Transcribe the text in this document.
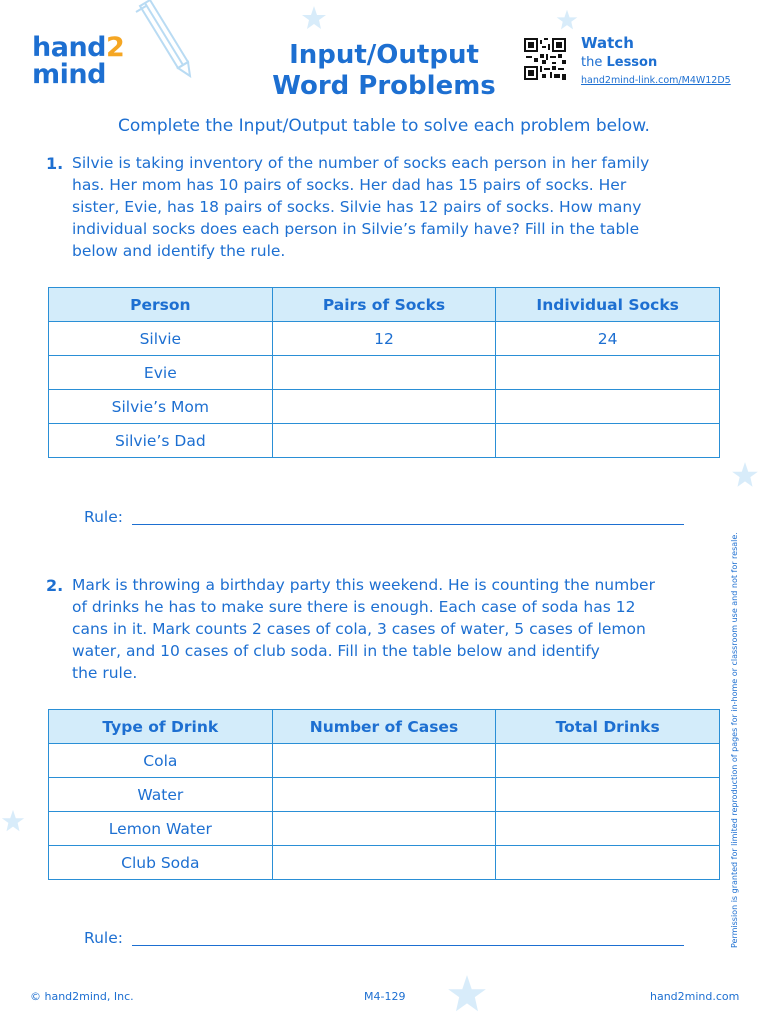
hand2
mind
Input/Output
Word Problems
Watch
the Lesson
hand2mind-link.com/M4W12D5
Complete the Input/Output table to solve each problem below.
1. Silvie is taking inventory of the number of socks each person in her family
has. Her mom has 10 pairs of socks. Her dad has 15 pairs of socks. Her
sister, Evie, has 18 pairs of socks. Silvie has 12 pairs of socks. How many
individual socks does each person in Silvie’s family have? Fill in the table
below and identify the rule.
Person	Pairs of Socks	Individual Socks
Silvie	12	24
Evie		
Silvie’s Mom		
Silvie’s Dad		
Rule:
2. Mark is throwing a birthday party this weekend. He is counting the number
of drinks he has to make sure there is enough. Each case of soda has 12
cans in it. Mark counts 2 cases of cola, 3 cases of water, 5 cases of lemon
water, and 10 cases of club soda. Fill in the table below and identify
the rule.
Type of Drink	Number of Cases	Total Drinks
Cola		
Water		
Lemon Water		
Club Soda		
Rule:	Permission is granted for limited reproduction of pages for in-home or classroom use and not for resale.
© hand2mind, Inc.	M4-129	hand2mind.com
